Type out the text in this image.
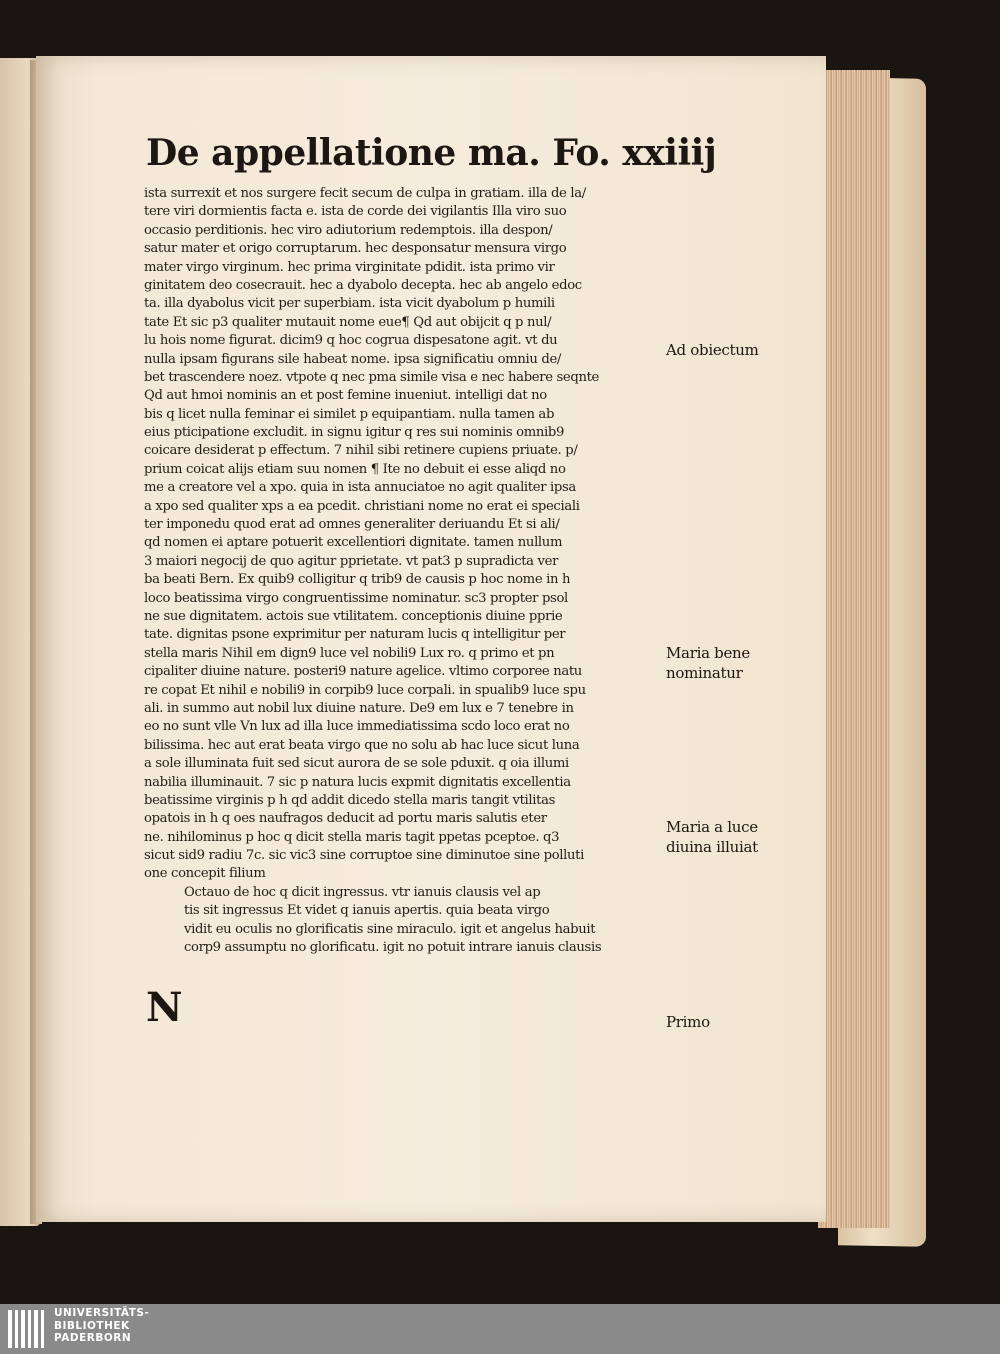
De appellatione ma. Fo. xxiiij
ista surrexit et nos surgere fecit secum de culpa in gratiam. illa de la/
tere viri dormientis facta e. ista de corde dei vigilantis Illa viro suo
occasio perditionis. hec viro adiutorium redemptois. illa despon/
satur mater et origo corruptarum. hec desponsatur mensura virgo
mater virgo virginum. hec prima virginitate pdidit. ista primo vir
ginitatem deo cosecrauit. hec a dyabolo decepta. hec ab angelo edoc
ta. illa dyabolus vicit per superbiam. ista vicit dyabolum p humili
tate Et sic p3 qualiter mutauit nome eue¶ Qd aut obijcit q p nul/
lu hois nome figurat. dicim9 q hoc cogrua dispesatone agit. vt du
nulla ipsam figurans sile habeat nome. ipsa significatiu omniu de/
bet trascendere noez. vtpote q nec pma simile visa e nec habere seqnte
Qd aut hmoi nominis an et post femine inueniut. intelligi dat no
bis q licet nulla feminar ei similet p equipantiam. nulla tamen ab
eius pticipatione excludit. in signu igitur q res sui nominis omnib9
coicare desiderat p effectum. 7 nihil sibi retinere cupiens priuate. p/
prium coicat alijs etiam suu nomen ¶ Ite no debuit ei esse aliqd no
me a creatore vel a xpo. quia in ista annuciatoe no agit qualiter ipsa
a xpo sed qualiter xps a ea pcedit. christiani nome no erat ei speciali
ter imponedu quod erat ad omnes generaliter deriuandu Et si ali/
qd nomen ei aptare potuerit excellentiori dignitate. tamen nullum
3 maiori negocij de quo agitur pprietate. vt pat3 p supradicta ver
ba beati Bern. Ex quib9 colligitur q trib9 de causis p hoc nome in h
loco beatissima virgo congruentissime nominatur. sc3 propter psol
ne sue dignitatem. actois sue vtilitatem. conceptionis diuine pprie
tate. dignitas psone exprimitur per naturam lucis q intelligitur per
stella maris Nihil em dign9 luce vel nobili9 Lux ro. q primo et pn
cipaliter diuine nature. posteri9 nature agelice. vltimo corporee natu
re copat Et nihil e nobili9 in corpib9 luce corpali. in spualib9 luce spu
ali. in summo aut nobil lux diuine nature. De9 em lux e 7 tenebre in
eo no sunt vlle Vn lux ad illa luce immediatissima scdo loco erat no
bilissima. hec aut erat beata virgo que no solu ab hac luce sicut luna
a sole illuminata fuit sed sicut aurora de se sole pduxit. q oia illumi
nabilia illuminauit. 7 sic p natura lucis expmit dignitatis excellentia
beatissime virginis p h qd addit dicedo stella maris tangit vtilitas
opatois in h q oes naufragos deducit ad portu maris salutis eter
ne. nihilominus p hoc q dicit stella maris tagit ppetas pceptoe. q3
sicut sid9 radiu 7c. sic vic3 sine corruptoe sine diminutoe sine polluti
one concepit filium
Octauo de hoc q dicit ingressus. vtr ianuis clausis vel ap
tis sit ingressus Et videt q ianuis apertis. quia beata virgo
vidit eu oculis no glorificatis sine miraculo. igit et angelus habuit
corp9 assumptu no glorificatu. igit no potuit intrare ianuis clausis
N
Ad obiectum
Maria bene
nominatur
Maria a luce
diuina illuiat
Primo
UNIVERSITÄTS-
BIBLIOTHEK
PADERBORN
